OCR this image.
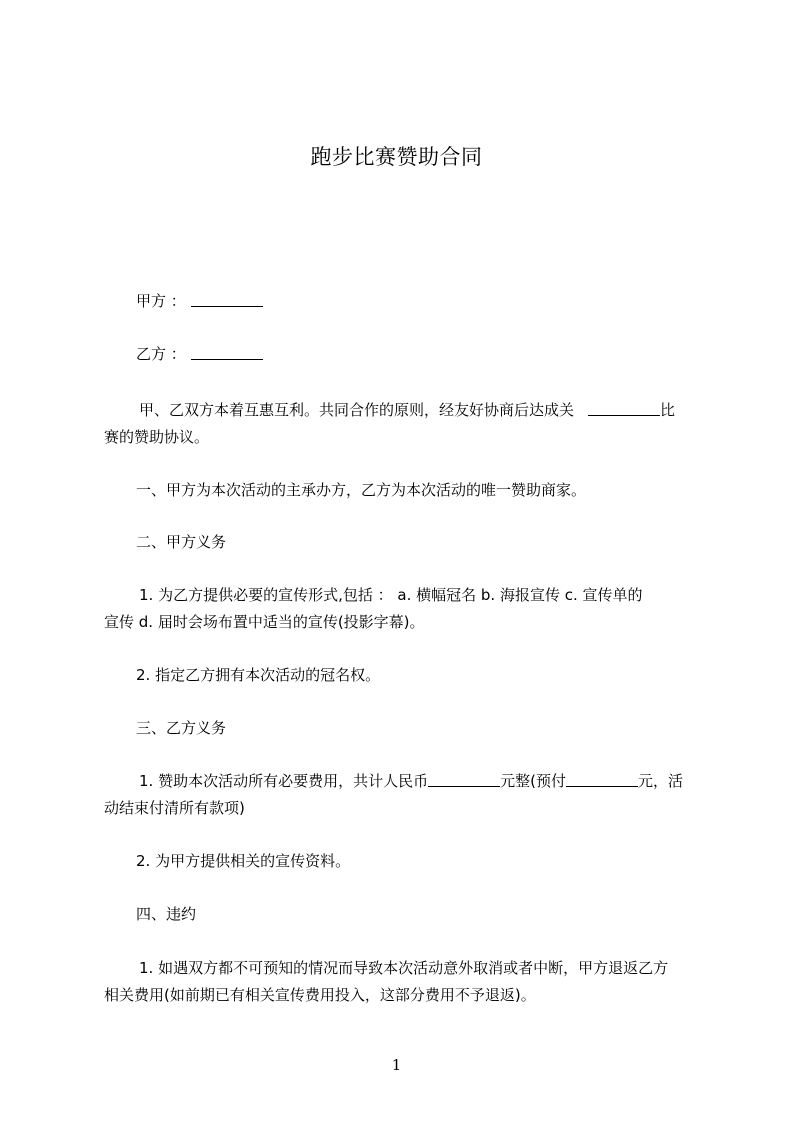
跑步比赛赞助合同
甲方 ：
乙方 ：
甲、乙双方本着互惠互利。共同合作的原则，经友好协商后达成关	比
赛的赞助协议。
一、甲方为本次活动的主承办方，乙方为本次活动的唯一赞助商家。
二、甲方义务
1. 为乙方提供必要的宣传形式,包括 ： a. 横幅冠名 b. 海报宣传 c. 宣传单的
宣传 d. 届时会场布置中适当的宣传(投影字幕)。
2. 指定乙方拥有本次活动的冠名权。
三、乙方义务
1. 赞助本次活动所有必要费用，共计人民币	元整(预付	元，活
动结束付清所有款项)
2. 为甲方提供相关的宣传资料。
四、违约
1. 如遇双方都不可预知的情况而导致本次活动意外取消或者中断，甲方退返乙方
相关费用(如前期已有相关宣传费用投入，这部分费用不予退返)。
1
